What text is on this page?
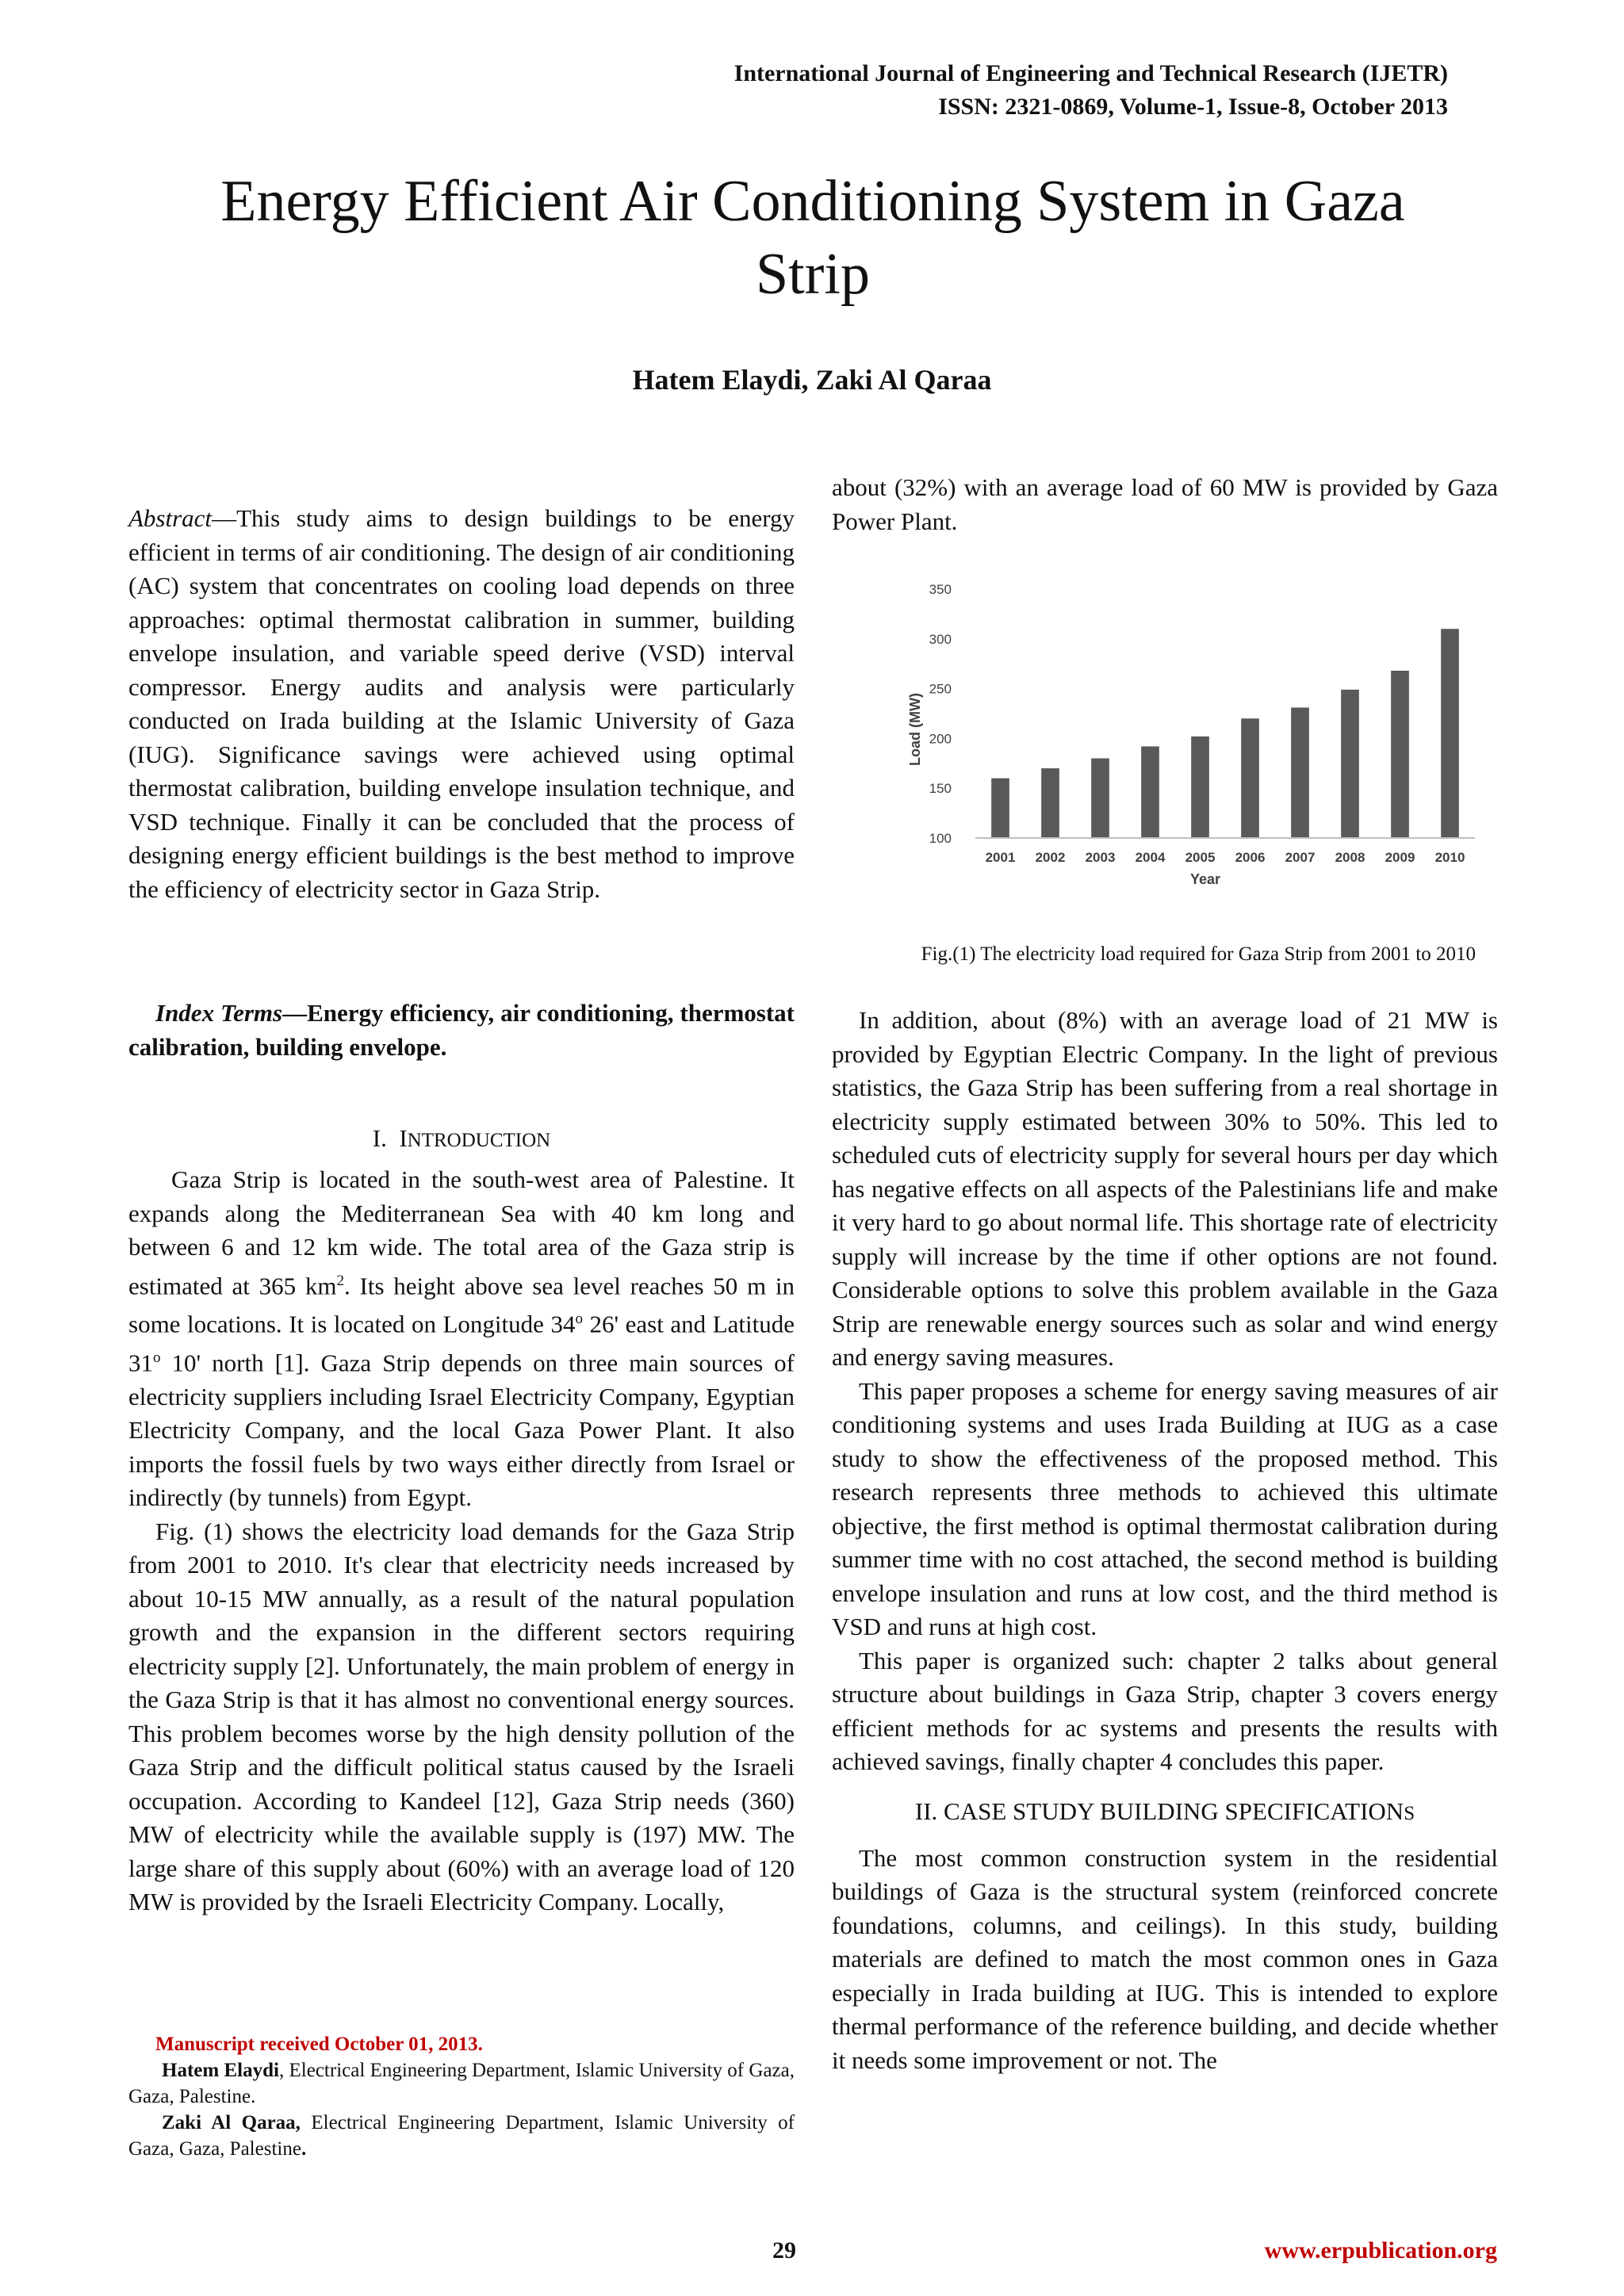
International Journal of Engineering and Technical Research (IJETR)
ISSN: 2321-0869, Volume-1, Issue-8, October 2013
Energy Efficient Air Conditioning System in Gaza
Strip
Hatem Elaydi, Zaki Al Qaraa

Abstract—This study aims to design buildings to be energy efficient in terms of air conditioning. The design of air conditioning (AC) system that concentrates on cooling load depends on three approaches: optimal thermostat calibration in summer, building envelope insulation, and variable speed derive (VSD) interval compressor. Energy audits and analysis were particularly conducted on Irada building at the Islamic University of Gaza (IUG). Significance savings were achieved using optimal thermostat calibration, building envelope insulation technique, and VSD technique. Finally it can be concluded that the process of designing energy efficient buildings is the best method to improve the efficiency of electricity sector in Gaza Strip.

Index Terms—Energy efficiency, air conditioning, thermostat calibration, building envelope.

I. INTRODUCTION

Gaza Strip is located in the south-west area of Palestine. It expands along the Mediterranean Sea with 40 km long and between 6 and 12 km wide. The total area of the Gaza strip is estimated at 365 $km^2$. Its height above sea level reaches 50 m in some locations. It is located on Longitude 34$^o$ 26' east and Latitude 31$^o$ 10' north [1]. Gaza Strip depends on three main sources of electricity suppliers including Israel Electricity Company, Egyptian Electricity Company, and the local Gaza Power Plant. It also imports the fossil fuels by two ways either directly from Israel or indirectly (by tunnels) from Egypt.

Fig. (1) shows the electricity load demands for the Gaza Strip from 2001 to 2010. It's clear that electricity needs increased by about 10-15 MW annually, as a result of the natural population growth and the expansion in the different sectors requiring electricity supply [2]. Unfortunately, the main problem of energy in the Gaza Strip is that it has almost no conventional energy sources. This problem becomes worse by the high density pollution of the Gaza Strip and the difficult political status caused by the Israeli occupation. According to Kandeel [12], Gaza Strip needs (360) MW of electricity while the available supply is (197) MW. The large share of this supply about (60%) with an average load of 120 MW is provided by the Israeli Electricity Company. Locally,

Manuscript received October 01, 2013.
Hatem Elaydi, Electrical Engineering Department, Islamic University of Gaza, Gaza, Palestine.
Zaki Al Qaraa, Electrical Engineering Department, Islamic University of Gaza, Gaza, Palestine.

about (32%) with an average load of 60 MW is provided by Gaza Power Plant.

100
150
200
250
300
350
2001 2002 2003 2004 2005 2006 2007 2008 2009 2010
Year
Load (MW)
Fig.(1) The electricity load required for Gaza Strip from 2001 to 2010

In addition, about (8%) with an average load of 21 MW is provided by Egyptian Electric Company. In the light of previous statistics, the Gaza Strip has been suffering from a real shortage in electricity supply estimated between 30% to 50%. This led to scheduled cuts of electricity supply for several hours per day which has negative effects on all aspects of the Palestinians life and make it very hard to go about normal life. This shortage rate of electricity supply will increase by the time if other options are not found. Considerable options to solve this problem available in the Gaza Strip are renewable energy sources such as solar and wind energy and energy saving measures.

This paper proposes a scheme for energy saving measures of air conditioning systems and uses Irada Building at IUG as a case study to show the effectiveness of the proposed method. This research represents three methods to achieved this ultimate objective, the first method is optimal thermostat calibration during summer time with no cost attached, the second method is building envelope insulation and runs at low cost, and the third method is VSD and runs at high cost.

This paper is organized such: chapter 2 talks about general structure about buildings in Gaza Strip, chapter 3 covers energy efficient methods for ac systems and presents the results with achieved savings, finally chapter 4 concludes this paper.

II. CASE STUDY BUILDING SPECIFICATIONS

The most common construction system in the residential buildings of Gaza is the structural system (reinforced concrete foundations, columns, and ceilings). In this study, building materials are defined to match the most common ones in Gaza especially in Irada building at IUG. This is intended to explore thermal performance of the reference building, and decide whether it needs some improvement or not. The

29	www.erpublication.org
